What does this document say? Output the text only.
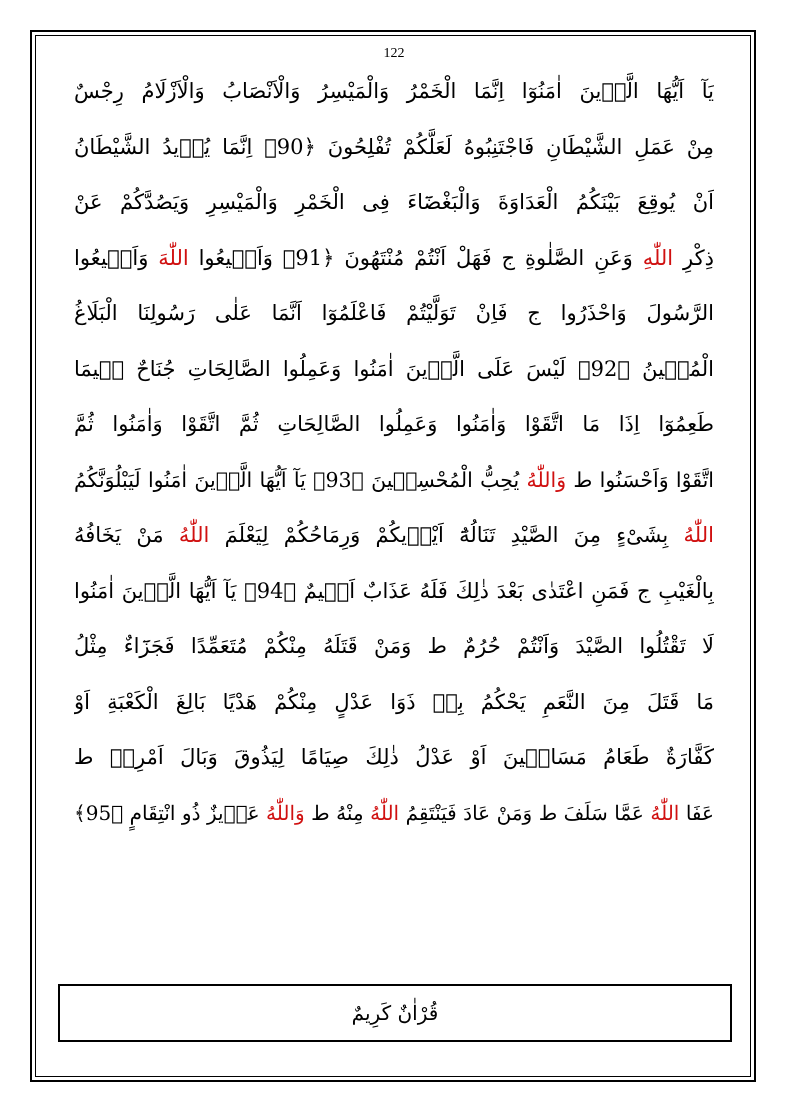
122
يَآ اَيُّهَا الَّذٖينَ اٰمَنُوٓا اِنَّمَا الْخَمْرُ وَالْمَيْسِرُ وَالْاَنْصَابُ وَالْاَزْلَامُ رِجْسٌ
مِنْ عَمَلِ الشَّيْطَانِ فَاجْتَنِبُوهُ لَعَلَّكُمْ تُفْلِحُونَ ﴿90﴾ اِنَّمَا يُرٖيدُ الشَّيْطَانُ
اَنْ يُوقِعَ بَيْنَكُمُ الْعَدَاوَةَ وَالْبَغْضَٓاءَ فِى الْخَمْرِ وَالْمَيْسِرِ وَيَصُدَّكُمْ عَنْ
ذِكْرِ اللّٰهِ وَعَنِ الصَّلٰوةِ ج فَهَلْ اَنْتُمْ مُنْتَهُونَ ﴿91﴾ وَاَطٖيعُوا اللّٰهَ وَاَطٖيعُوا
الرَّسُولَ وَاحْذَرُوا ج فَاِنْ تَوَلَّيْتُمْ فَاعْلَمُوٓا اَنَّمَا عَلٰى رَسُولِنَا الْبَلَاغُ
الْمُبٖينُ ﴿92﴾ لَيْسَ عَلَى الَّذٖينَ اٰمَنُوا وَعَمِلُوا الصَّالِحَاتِ جُنَاحٌ فٖيمَا
طَعِمُوٓا اِذَا مَا اتَّقَوْا وَاٰمَنُوا وَعَمِلُوا الصَّالِحَاتِ ثُمَّ اتَّقَوْا وَاٰمَنُوا ثُمَّ
اتَّقَوْا وَاَحْسَنُوا ط وَاللّٰهُ يُحِبُّ الْمُحْسِنٖينَ ﴿93﴾ يَآ اَيُّهَا الَّذٖينَ اٰمَنُوا لَيَبْلُوَنَّكُمُ
اللّٰهُ بِشَىْءٍ مِنَ الصَّيْدِ تَنَالُهُٓ اَيْدٖيكُمْ وَرِمَاحُكُمْ لِيَعْلَمَ اللّٰهُ مَنْ يَخَافُهُ
بِالْغَيْبِ ج فَمَنِ اعْتَدٰى بَعْدَ ذٰلِكَ فَلَهُ عَذَابٌ اَلٖيمٌ ﴿94﴾ يَآ اَيُّهَا الَّذٖينَ اٰمَنُوا
لَا تَقْتُلُوا الصَّيْدَ وَاَنْتُمْ حُرُمٌ ط وَمَنْ قَتَلَهُ مِنْكُمْ مُتَعَمِّدًا فَجَزَٓاءٌ مِثْلُ
مَا قَتَلَ مِنَ النَّعَمِ يَحْكُمُ بِهٖ ذَوَا عَدْلٍ مِنْكُمْ هَدْيًا بَالِغَ الْكَعْبَةِ اَوْ
كَفَّارَةٌ طَعَامُ مَسَاكٖينَ اَوْ عَدْلُ ذٰلِكَ صِيَامًا لِيَذُوقَ وَبَالَ اَمْرِهٖ ط
عَفَا اللّٰهُ عَمَّا سَلَفَ ط وَمَنْ عَادَ فَيَنْتَقِمُ اللّٰهُ مِنْهُ ط وَاللّٰهُ عَزٖيزٌ ذُو انْتِقَامٍ ﴿95﴾
قُرْاٰنٌ كَرِيمٌ
